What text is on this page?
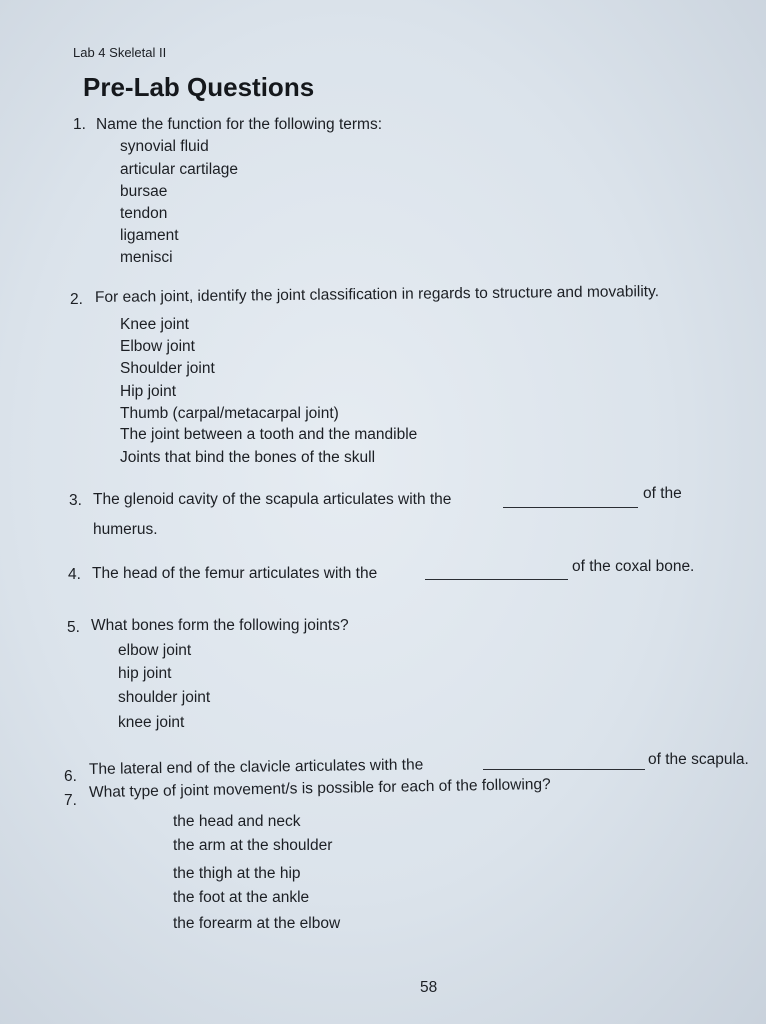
Lab 4 Skeletal II
Pre-Lab Questions
1. Name the function for the following terms:
synovial fluid
articular cartilage
bursae
tendon
ligament
menisci
2. For each joint, identify the joint classification in regards to structure and movability.
Knee joint
Elbow joint
Shoulder joint
Hip joint
Thumb (carpal/metacarpal joint)
The joint between a tooth and the mandible
Joints that bind the bones of the skull
3. The glenoid cavity of the scapula articulates with the	of the
humerus.
4. The head of the femur articulates with the	of the coxal bone.
5. What bones form the following joints?
elbow joint
hip joint
shoulder joint
knee joint
6. The lateral end of the clavicle articulates with the	of the scapula.
7. What type of joint movement/s is possible for each of the following?
the head and neck
the arm at the shoulder
the thigh at the hip
the foot at the ankle
the forearm at the elbow
58
